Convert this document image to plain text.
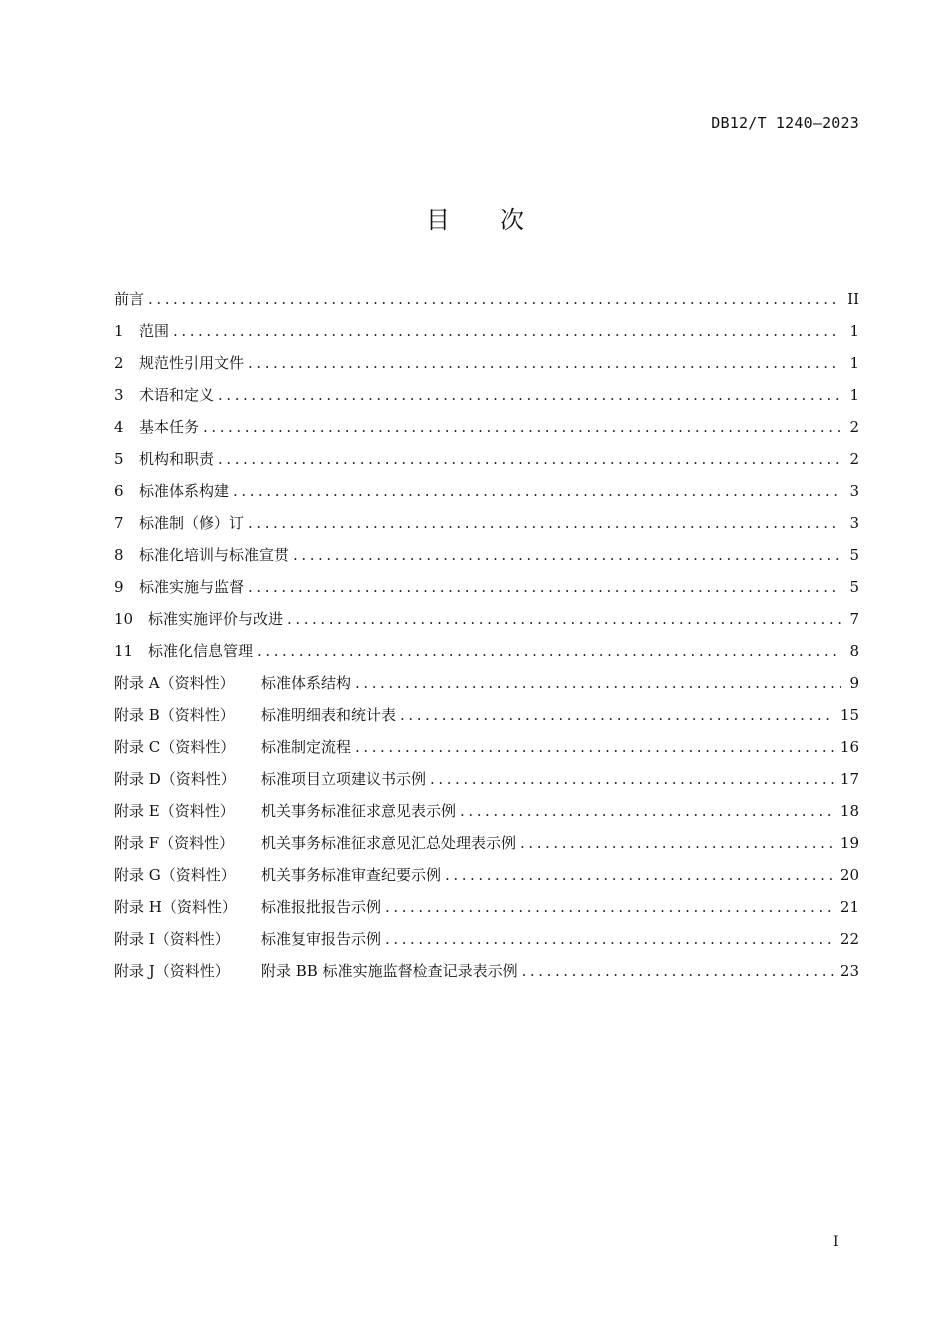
DB12/T 1240—2023
目次
前言 . . .	II
1	范围 . . .	1
2	规范性引用文件 . . .	1
3	术语和定义 . . .	1
4	基本任务 . . .	2
5	机构和职责 . . .	2
6	标准体系构建 . . .	3
7	标准制（修）订 . . .	3
8	标准化培训与标准宣贯 . . .	5
9	标准实施与监督 . . .	5
10 标准实施评价与改进 . . .	7
11 标准化信息管理 . . .	8
附录 A（资料性）	标准体系结构 . . .	9
附录 B（资料性）	标准明细表和统计表 . . .	15
附录 C（资料性）	标准制定流程 . . .	16
附录 D（资料性）	标准项目立项建议书示例 . . .	17
附录 E（资料性）	机关事务标准征求意见表示例 . . .	18
附录 F（资料性）	机关事务标准征求意见汇总处理表示例 . . .	19
附录 G（资料性）	机关事务标准审查纪要示例 . . .	20
附录 H（资料性）	标准报批报告示例 . . .	21
附录 I（资料性）	标准复审报告示例 . . .	22
附录 J（资料性）	附录 BB 标准实施监督检查记录表示例 . . .	23
I
